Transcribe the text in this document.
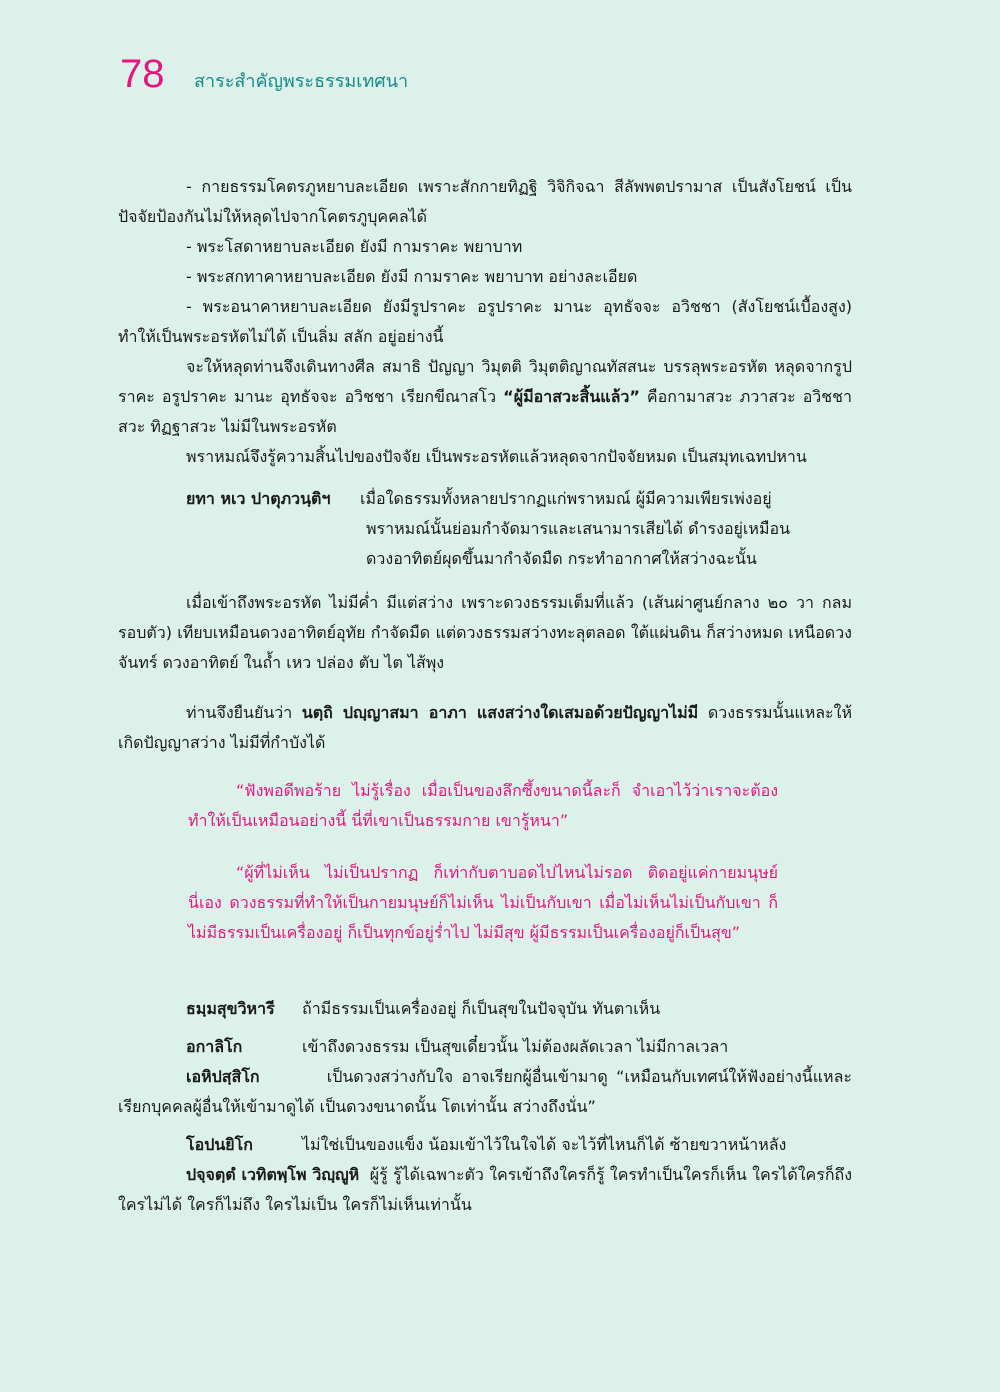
78 สาระสำคัญพระธรรมเทศนา

- กายธรรมโคตรภูหยาบละเอียด เพราะสักกายทิฏฐิ วิจิกิจฉา สีลัพพตปรามาส เป็นสังโยชน์ เป็นปัจจัยป้องกันไม่ให้หลุดไปจากโคตรภูบุคคลได้

- พระโสดาหยาบละเอียด ยังมี กามราคะ พยาบาท

- พระสกทาคาหยาบละเอียด ยังมี กามราคะ พยาบาท อย่างละเอียด

- พระอนาคาหยาบละเอียด ยังมีรูปราคะ อรูปราคะ มานะ อุทธัจจะ อวิชชา (สังโยชน์เบื้องสูง) ทำให้เป็นพระอรหัตไม่ได้ เป็นลิ่ม สลัก อยู่อย่างนี้

จะให้หลุดท่านจึงเดินทางศีล สมาธิ ปัญญา วิมุตติ วิมุตติญาณทัสสนะ บรรลุพระอรหัต หลุดจากรูปราคะ อรูปราคะ มานะ อุทธัจจะ อวิชชา เรียกขีณาสโว “ผู้มีอาสวะสิ้นแล้ว” คือกามาสวะ ภวาสวะ อวิชชาสวะ ทิฏฐาสวะ ไม่มีในพระอรหัต

พราหมณ์จึงรู้ความสิ้นไปของปัจจัย เป็นพระอรหัตแล้วหลุดจากปัจจัยหมด เป็นสมุทเฉทปหาน

ยทา หเว ปาตุภวนฺติฯ	เมื่อใดธรรมทั้งหลายปรากฏแก่พราหมณ์ ผู้มีความเพียรเพ่งอยู่
พราหมณ์นั้นย่อมกำจัดมารและเสนามารเสียได้ ดำรงอยู่เหมือน
ดวงอาทิตย์ผุดขึ้นมากำจัดมืด กระทำอากาศให้สว่างฉะนั้น

เมื่อเข้าถึงพระอรหัต ไม่มีค่ำ มีแต่สว่าง เพราะดวงธรรมเต็มที่แล้ว (เส้นผ่าศูนย์กลาง ๒๐ วา กลมรอบตัว) เทียบเหมือนดวงอาทิตย์อุทัย กำจัดมืด แต่ดวงธรรมสว่างทะลุตลอด ใต้แผ่นดิน ก็สว่างหมด เหนือดวงจันทร์ ดวงอาทิตย์ ในถ้ำ เหว ปล่อง ตับ ไต ไส้พุง

ท่านจึงยืนยันว่า นตฺถิ ปญฺญาสมา อาภา แสงสว่างใดเสมอด้วยปัญญาไม่มี ดวงธรรมนั้นแหละให้เกิดปัญญาสว่าง ไม่มีที่กำบังได้

“ฟังพอดีพอร้าย ไม่รู้เรื่อง เมื่อเป็นของลึกซึ้งขนาดนี้ละก็ จำเอาไว้ว่าเราจะต้องทำให้เป็นเหมือนอย่างนี้ นี่ที่เขาเป็นธรรมกาย เขารู้หนา”

“ผู้ที่ไม่เห็น ไม่เป็นปรากฏ ก็เท่ากับตาบอดไปไหนไม่รอด ติดอยู่แค่กายมนุษย์นี่เอง ดวงธรรมที่ทำให้เป็นกายมนุษย์ก็ไม่เห็น ไม่เป็นกับเขา เมื่อไม่เห็นไม่เป็นกับเขา ก็ไม่มีธรรมเป็นเครื่องอยู่ ก็เป็นทุกข์อยู่ร่ำไป ไม่มีสุข ผู้มีธรรมเป็นเครื่องอยู่ก็เป็นสุข”

ธมฺมสุขวิหารี	ถ้ามีธรรมเป็นเครื่องอยู่ ก็เป็นสุขในปัจจุบัน ทันตาเห็น
อกาลิโก	เข้าถึงดวงธรรม เป็นสุขเดี๋ยวนั้น ไม่ต้องผลัดเวลา ไม่มีกาลเวลา

เอหิปสฺสิโก	เป็นดวงสว่างกับใจ อาจเรียกผู้อื่นเข้ามาดู “เหมือนกับเทศน์ให้ฟังอย่างนี้แหละ เรียกบุคคลผู้อื่นให้เข้ามาดูได้ เป็นดวงขนาดนั้น โตเท่านั้น สว่างถึงนั่น”

โอปนยิโก	ไม่ใช่เป็นของแข็ง น้อมเข้าไว้ในใจได้ จะไว้ที่ไหนก็ได้ ซ้ายขวาหน้าหลัง

ปจฺจตฺตํ เวทิตพฺโพ วิญฺญูหิ ผู้รู้ รู้ได้เฉพาะตัว ใครเข้าถึงใครก็รู้ ใครทำเป็นใครก็เห็น ใครได้ใครก็ถึง ใครไม่ได้ ใครก็ไม่ถึง ใครไม่เป็น ใครก็ไม่เห็นเท่านั้น
